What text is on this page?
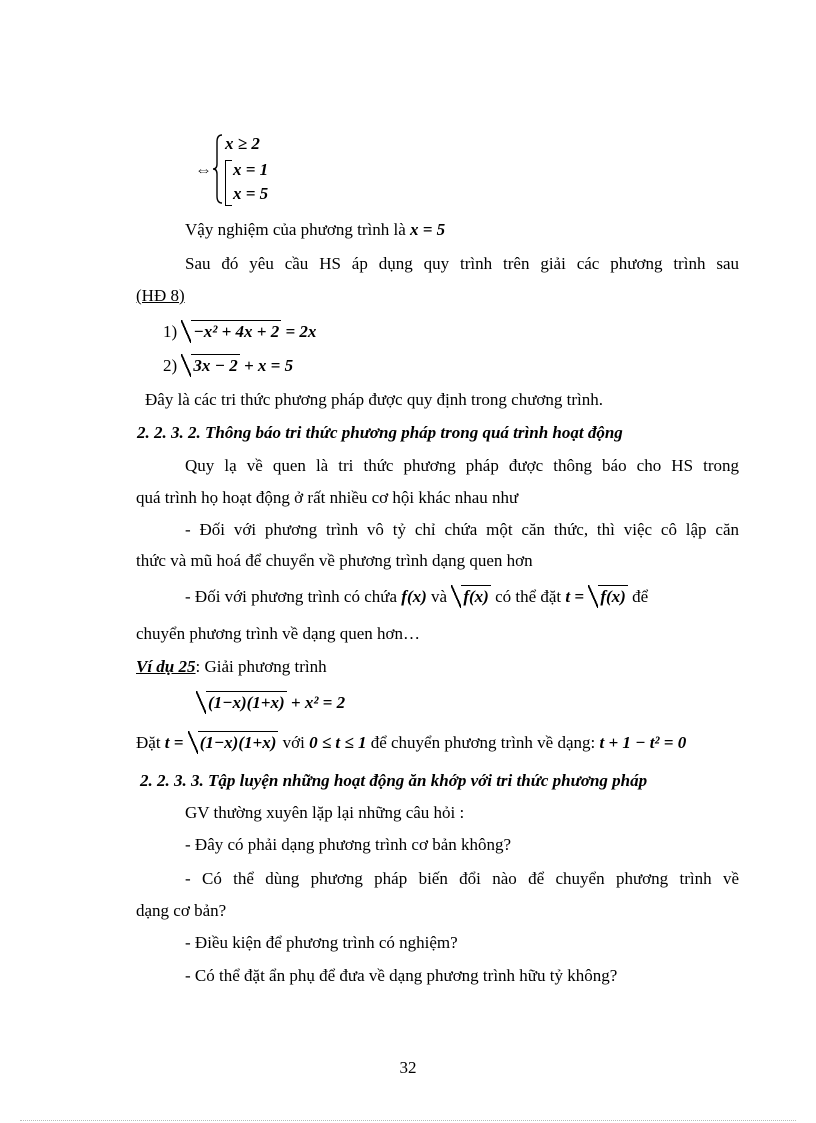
⇔
x ≥ 2
x = 1
x = 5
Vậy nghiệm của phương trình là x = 5
Sau đó yêu cầu HS áp dụng quy trình trên giải các phương trình sau
(HĐ 8)
1) −x² + 4x + 2 = 2x
2) 3x − 2 + x = 5
Đây là các tri thức phương pháp được quy định trong chương trình.
2. 2. 3. 2. Thông báo tri thức phương pháp trong quá trình hoạt động
Quy lạ về quen là tri thức phương pháp được thông báo cho HS trong
quá trình họ hoạt động ở rất nhiều cơ hội khác nhau như
- Đối với phương trình vô tỷ chỉ chứa một căn thức, thì việc cô lập căn
thức và mũ hoá để chuyển về phương trình dạng quen hơn
- Đối với phương trình có chứa f(x) và f(x) có thể đặt t = f(x) để
chuyển phương trình về dạng quen hơn…
Ví dụ 25: Giải phương trình
(1−x)(1+x) + x² = 2
Đặt t = (1−x)(1+x) với 0 ≤ t ≤ 1 để chuyển phương trình về dạng: t + 1 − t² = 0
2. 2. 3. 3. Tập luyện những hoạt động ăn khớp với tri thức phương pháp
GV thường xuyên lặp lại những câu hỏi :
- Đây có phải dạng phương trình cơ bản không?
- Có thể dùng phương pháp biến đổi nào để chuyển phương trình về
dạng cơ bản?
- Điều kiện để phương trình có nghiệm?
- Có thể đặt ẩn phụ để đưa về dạng phương trình hữu tỷ không?
32
